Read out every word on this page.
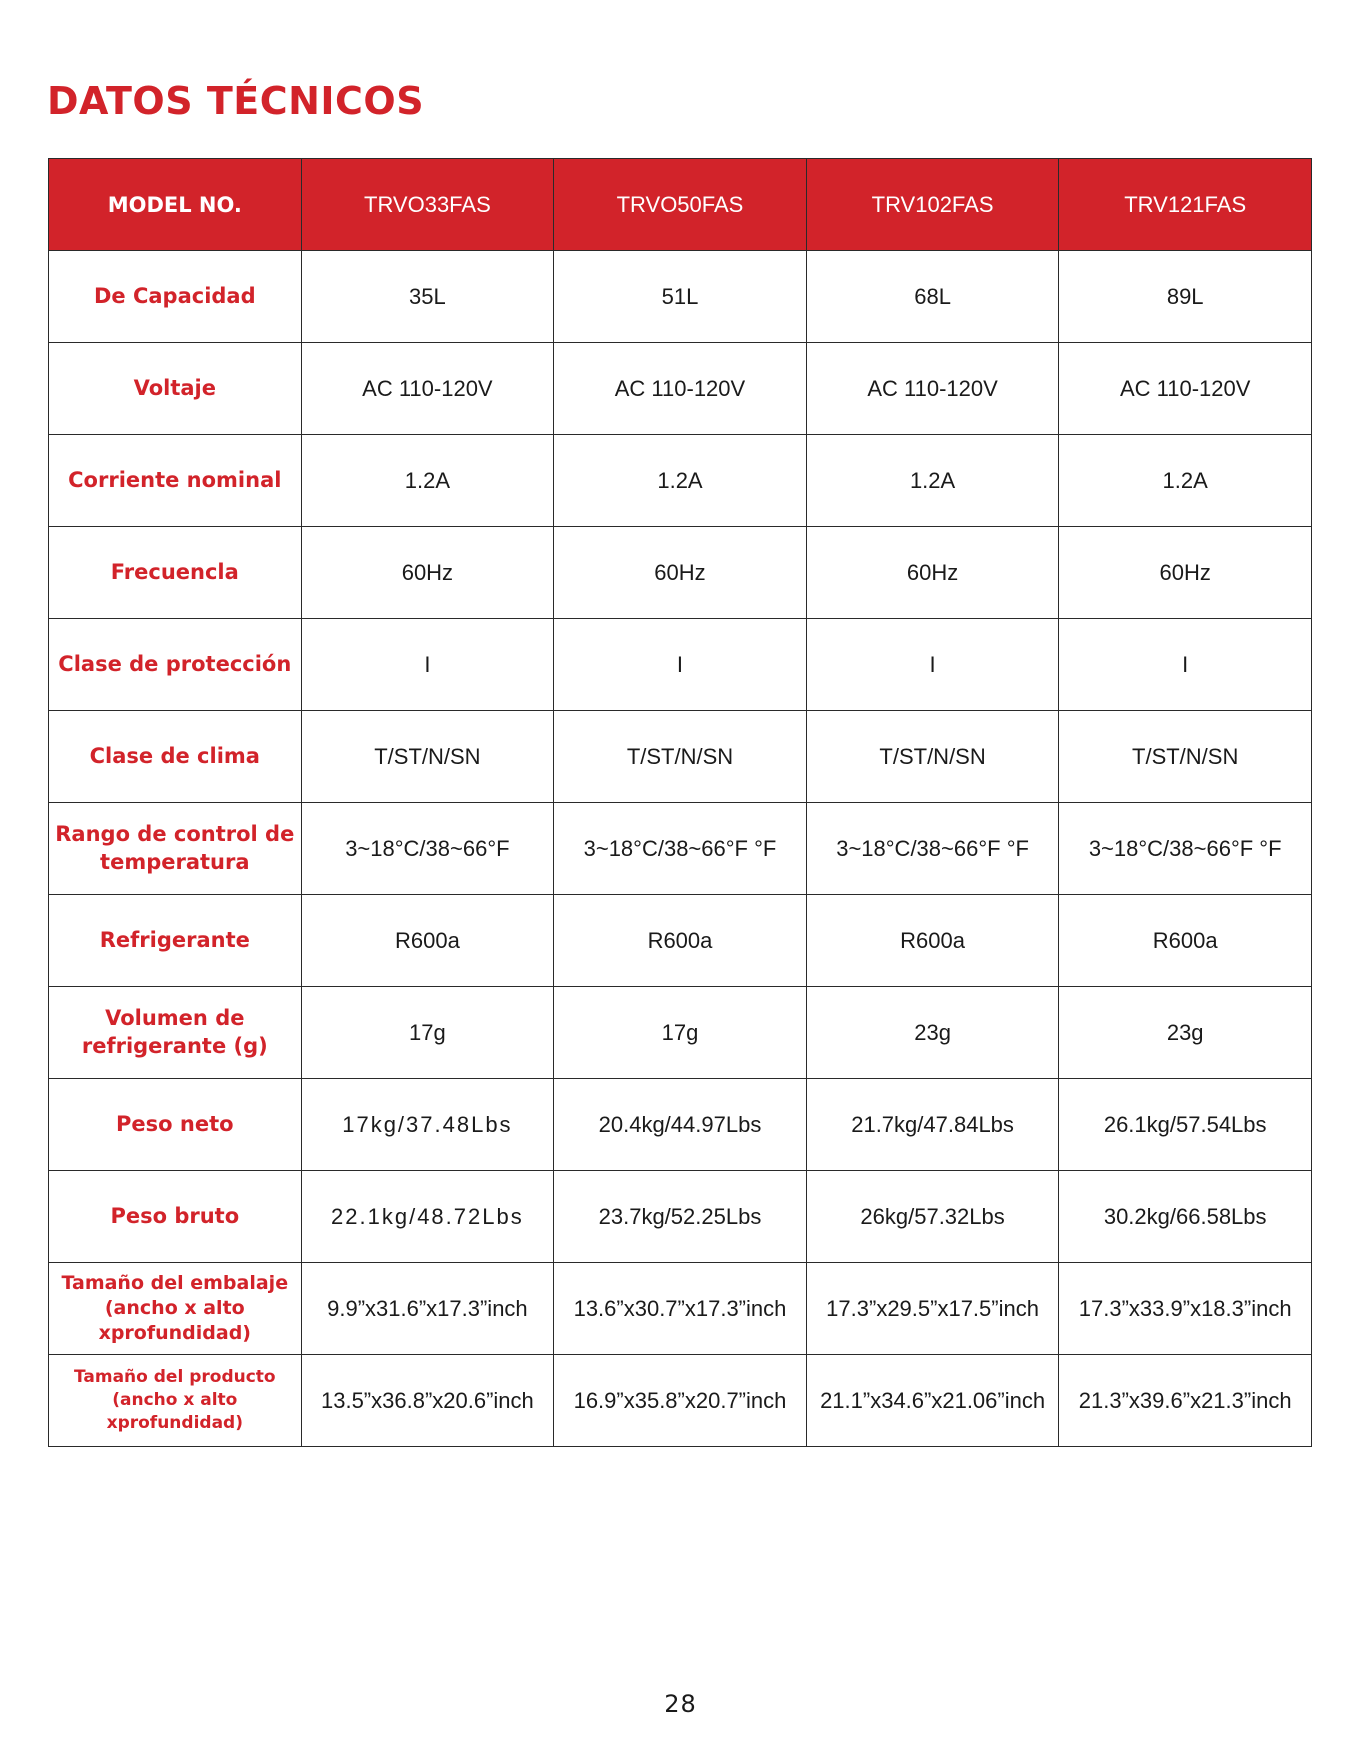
DATOS TÉCNICOS
MODEL NO.	TRVO33FAS	TRVO50FAS	TRV102FAS	TRV121FAS
De Capacidad	35L	51L	68L	89L
Voltaje	AC 110-120V	AC 110-120V	AC 110-120V	AC 110-120V
Corriente nominal	1.2A	1.2A	1.2A	1.2A
Frecuencla	60Hz	60Hz	60Hz	60Hz
Clase de protección	I	I	I	I
Clase de clima	T/ST/N/SN	T/ST/N/SN	T/ST/N/SN	T/ST/N/SN
Rango de control de temperatura	3~18°C/38~66°F	3~18°C/38~66°F °F	3~18°C/38~66°F °F	3~18°C/38~66°F °F
Refrigerante	R600a	R600a	R600a	R600a
Volumen de refrigerante (g)	17g	17g	23g	23g
Peso neto	17kg/37.48Lbs	20.4kg/44.97Lbs	21.7kg/47.84Lbs	26.1kg/57.54Lbs
Peso bruto	22.1kg/48.72Lbs	23.7kg/52.25Lbs	26kg/57.32Lbs	30.2kg/66.58Lbs
Tamaño del embalaje (ancho x alto xprofundidad)	9.9”x31.6”x17.3”inch	13.6”x30.7”x17.3”inch	17.3”x29.5”x17.5”inch	17.3”x33.9”x18.3”inch
Tamaño del producto (ancho x alto xprofundidad)	13.5”x36.8”x20.6”inch	16.9”x35.8”x20.7”inch	21.1”x34.6”x21.06”inch	21.3”x39.6”x21.3”inch
28
